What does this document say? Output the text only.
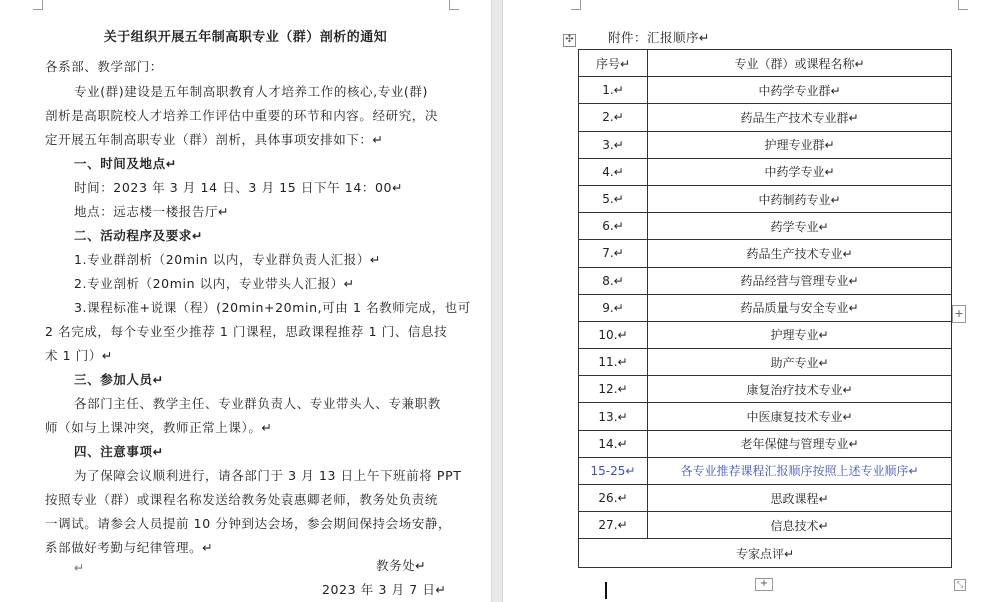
关于组织开展五年制高职专业（群）剖析的通知
各系部、教学部门：
专业(群)建设是五年制高职教育人才培养工作的核心,专业(群)
剖析是高职院校人才培养工作评估中重要的环节和内容。经研究，决
定开展五年制高职专业（群）剖析，具体事项安排如下：↵
一、时间及地点↵
时间：2023 年 3 月 14 日、3 月 15 日下午 14：00↵
地点：远志楼一楼报告厅↵
二、活动程序及要求↵
1.专业群剖析（20min 以内，专业群负责人汇报）↵
2.专业剖析（20min 以内，专业带头人汇报）↵
3.课程标准+说课（程）(20min+20min,可由 1 名教师完成，也可
2 名完成，每个专业至少推荐 1 门课程，思政课程推荐 1 门、信息技
术 1 门）↵
三、参加人员↵
各部门主任、教学主任、专业群负责人、专业带头人、专兼职教
师（如与上课冲突，教师正常上课）。↵
四、注意事项↵
为了保障会议顺利进行，请各部门于 3 月 13 日上午下班前将 PPT
按照专业（群）或课程名称发送给教务处袁惠卿老师，教务处负责统
一调试。请参会人员提前 10 分钟到达会场，参会期间保持会场安静，
系部做好考勤与纪律管理。↵
↵	教务处↵
2023 年 3 月 7 日↵
附件：汇报顺序↵
✣
序号↵	专业（群）或课程名称↵
1.↵	中药学专业群↵
2.↵	药品生产技术专业群↵
3.↵	护理专业群↵
4.↵	中药学专业↵
5.↵	中药制药专业↵
6.↵	药学专业↵
7.↵	药品生产技术专业↵
8.↵	药品经营与管理专业↵
9.↵	药品质量与安全专业↵
10.↵	护理专业↵
11.↵	助产专业↵
12.↵	康复治疗技术专业↵
13.↵	中医康复技术专业↵
14.↵	老年保健与管理专业↵
15-25↵	各专业推荐课程汇报顺序按照上述专业顺序↵
26.↵	思政课程↵
27.↵	信息技术↵
专家点评↵	
+
+	⤡
